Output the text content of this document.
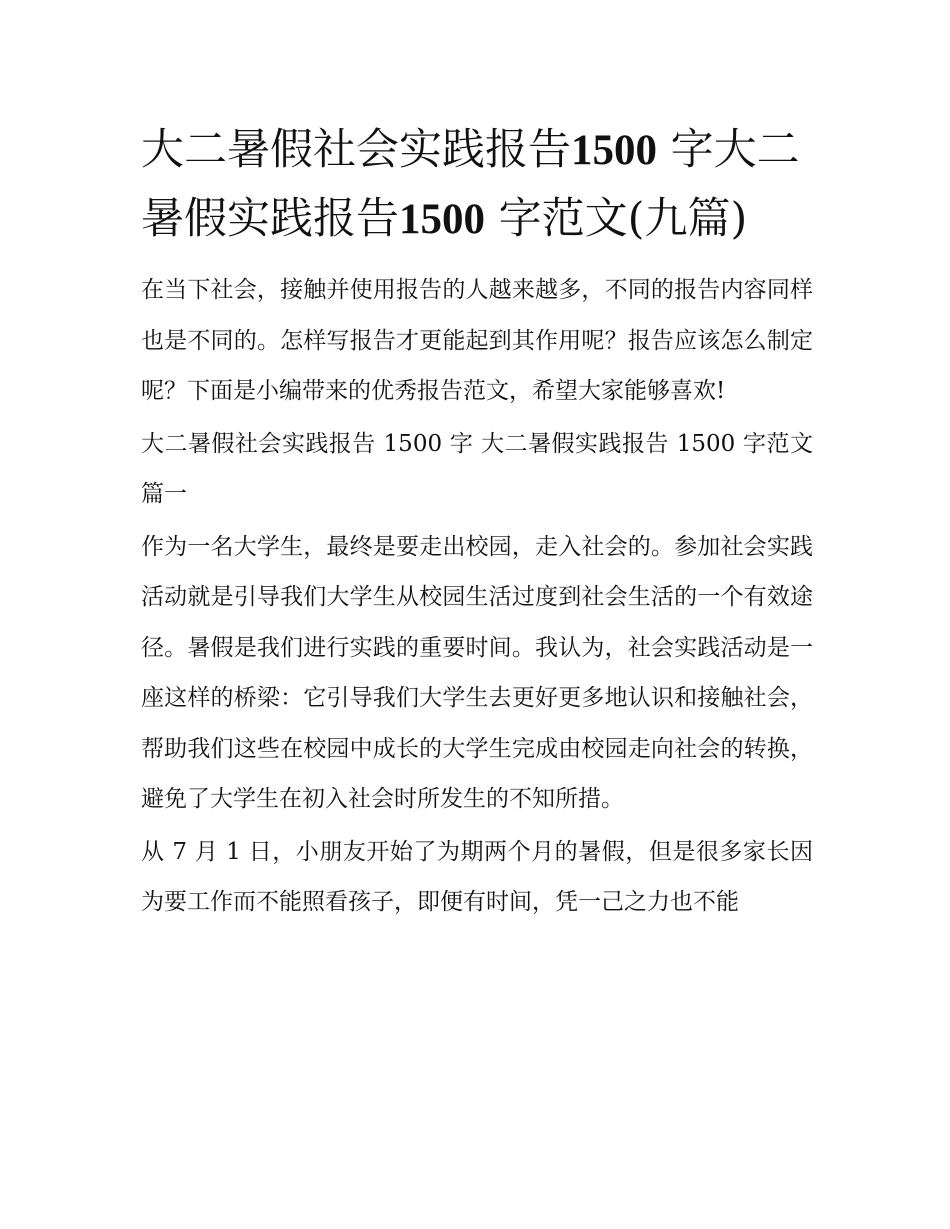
大二暑假社会实践报告1500 字大二暑假实践报告1500 字范文(九篇)

在当下社会，接触并使用报告的人越来越多，不同的报告内容同样也是不同的。怎样写报告才更能起到其作用呢？报告应该怎么制定呢？下面是小编带来的优秀报告范文，希望大家能够喜欢!

大二暑假社会实践报告 1500 字 大二暑假实践报告 1500 字范文篇一

作为一名大学生，最终是要走出校园，走入社会的。参加社会实践活动就是引导我们大学生从校园生活过度到社会生活的一个有效途径。暑假是我们进行实践的重要时间。我认为，社会实践活动是一座这样的桥梁：它引导我们大学生去更好更多地认识和接触社会，帮助我们这些在校园中成长的大学生完成由校园走向社会的转换，避免了大学生在初入社会时所发生的不知所措。

从 7 月 1 日，小朋友开始了为期两个月的暑假，但是很多家长因为要工作而不能照看孩子，即便有时间，凭一己之力也不能
